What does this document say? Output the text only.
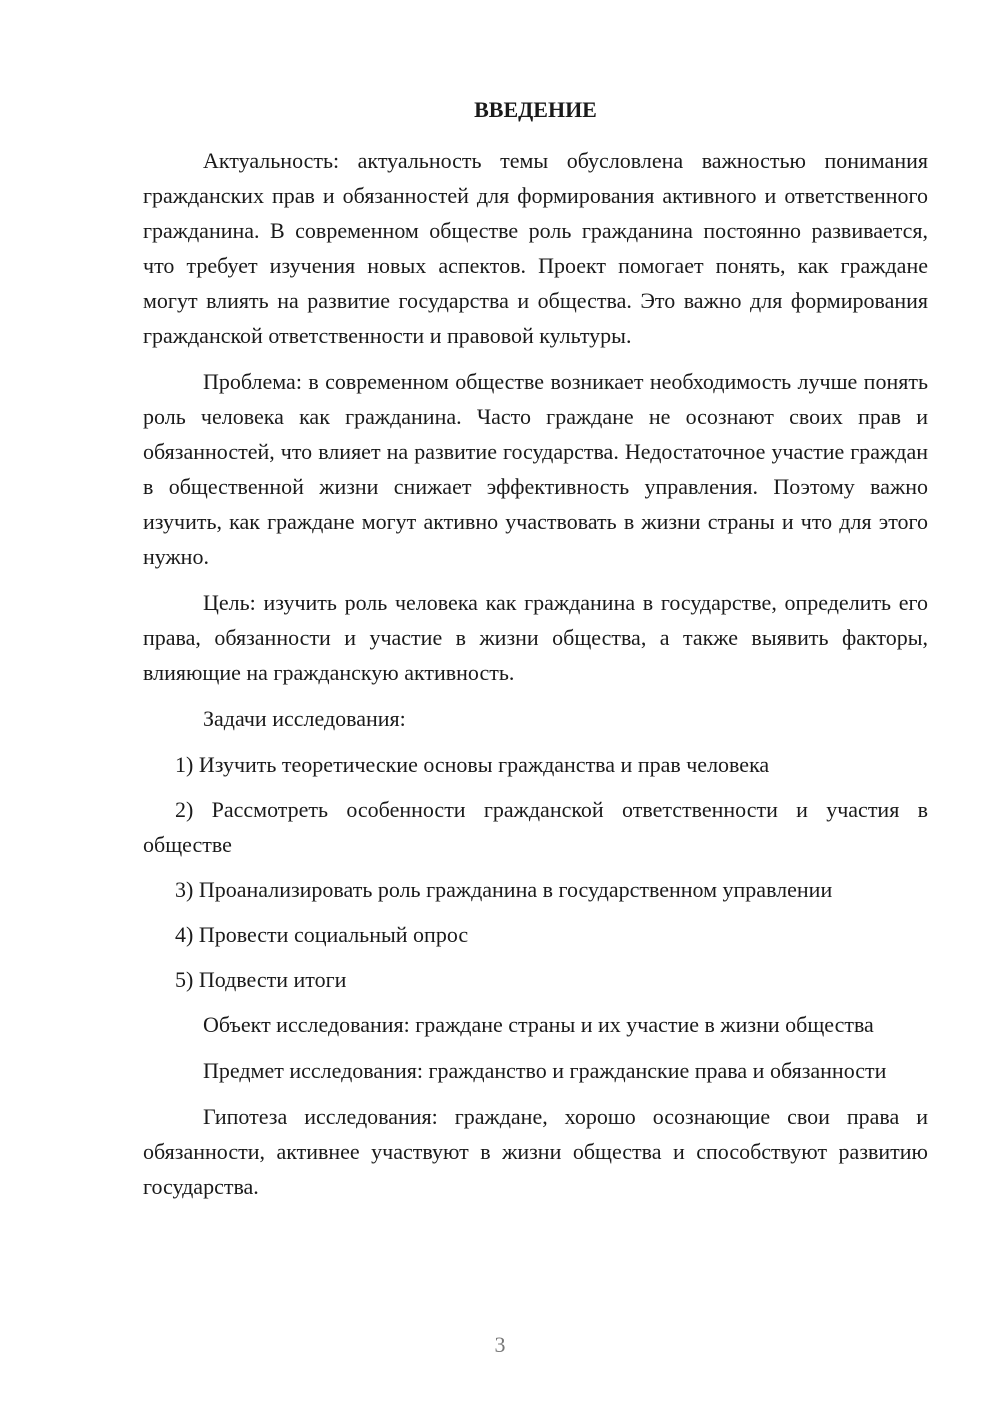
ВВЕДЕНИЕ

Актуальность: актуальность темы обусловлена важностью понимания гражданских прав и обязанностей для формирования активного и ответственного гражданина. В современном обществе роль гражданина постоянно развивается, что требует изучения новых аспектов. Проект помогает понять, как граждане могут влиять на развитие государства и общества. Это важно для формирования гражданской ответственности и правовой культуры.

Проблема: в современном обществе возникает необходимость лучше понять роль человека как гражданина. Часто граждане не осознают своих прав и обязанностей, что влияет на развитие государства. Недостаточное участие граждан в общественной жизни снижает эффективность управления. Поэтому важно изучить, как граждане могут активно участвовать в жизни страны и что для этого нужно.

Цель: изучить роль человека как гражданина в государстве, определить его права, обязанности и участие в жизни общества, а также выявить факторы, влияющие на гражданскую активность.

Задачи исследования:

1) Изучить теоретические основы гражданства и прав человека

2) Рассмотреть особенности гражданской ответственности и участия в обществе

3) Проанализировать роль гражданина в государственном управлении

4) Провести социальный опрос

5) Подвести итоги

Объект исследования: граждане страны и их участие в жизни общества

Предмет исследования: гражданство и гражданские права и обязанности

Гипотеза исследования: граждане, хорошо осознающие свои права и обязанности, активнее участвуют в жизни общества и способствуют развитию государства.

3
